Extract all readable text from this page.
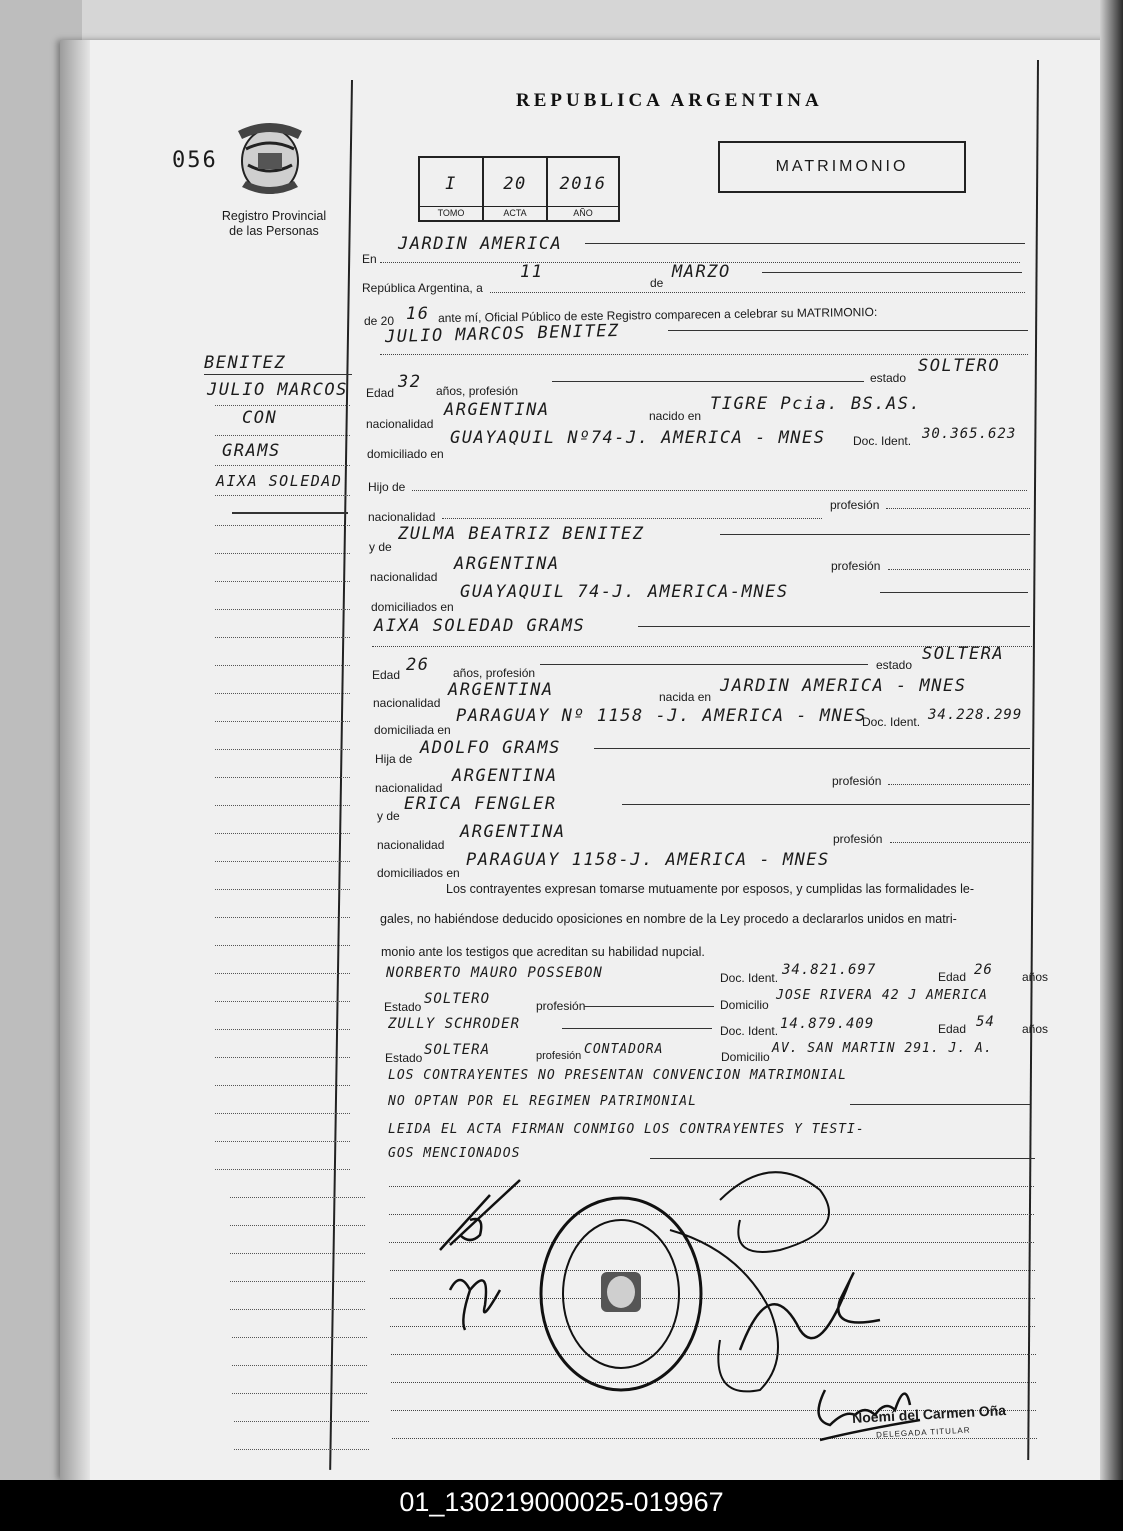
056
Registro Provincial
de las Personas
REPUBLICA ARGENTINA
I
TOMO
20
ACTA
2016
AÑO
MATRIMONIO
BENITEZ
JULIO MARCOS
CON
GRAMS
AIXA SOLEDAD
En
JARDIN AMERICA
República Argentina, a
11
de
MARZO
de 20 16 ante mí, Oficial Público de este Registro comparecen a celebrar su MATRIMONIO:
JULIO MARCOS BENITEZ
Edad
32 años, profesión
estado
SOLTERO
nacionalidad
ARGENTINA	nacido en
TIGRE Pcia. BS.AS.
domiciliado en
GUAYAQUIL Nº74-J. AMERICA - MNES Doc. Ident. 30.365.623
Hijo de
nacionalidad
profesión
y de
ZULMA BEATRIZ BENITEZ
nacionalidad
ARGENTINA	profesión
domiciliados en
GUAYAQUIL 74-J. AMERICA-MNES
AIXA SOLEDAD GRAMS
Edad 26 años, profesión
estado
SOLTERA
nacionalidad
ARGENTINA	nacida en
JARDIN AMERICA - MNES
domiciliada en
PARAGUAY Nº 1158 -J. AMERICA - MNES
Doc. Ident. 34.228.299
Hija de
ADOLFO GRAMS
nacionalidad
ARGENTINA	profesión
y de
ERICA FENGLER
nacionalidad
ARGENTINA	profesión
domiciliados en
PARAGUAY 1158-J. AMERICA - MNES
Los contrayentes expresan tomarse mutuamente por esposos, y cumplidas las formalidades le-
gales, no habiéndose deducido oposiciones en nombre de la Ley procedo a declararlos unidos en matri-
monio ante los testigos que acreditan su habilidad nupcial.
NORBERTO MAURO POSSEBON	Doc. Ident. 34.821.697	Edad 26 años
Estado SOLTERO	profesión	Domicilio
JOSE RIVERA 42 J AMERICA
ZULLY SCHRODER	Doc. Ident. 14.879.409	Edad 54 años
Estado SOLTERA	profesión CONTADORA	Domicilio
AV. SAN MARTIN 291. J. A.
LOS CONTRAYENTES NO PRESENTAN CONVENCION MATRIMONIAL
NO OPTAN POR EL REGIMEN PATRIMONIAL
LEIDA EL ACTA FIRMAN CONMIGO LOS CONTRAYENTES Y TESTI-
GOS MENCIONADOS
Noemí del Carmen Oña
DELEGADA TITULAR
01_130219000025-019967
